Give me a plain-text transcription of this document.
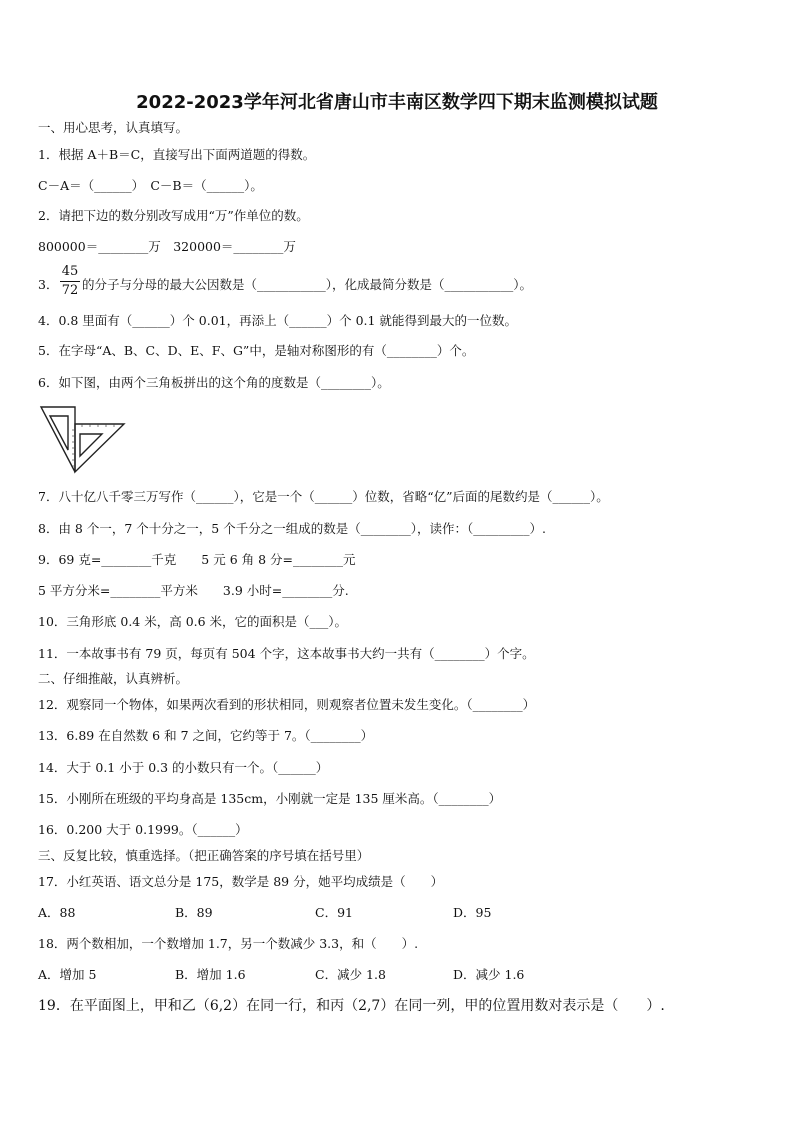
2022-2023学年河北省唐山市丰南区数学四下期末监测模拟试题
一、用心思考，认真填写。
1．根据 A＋B＝C，直接写出下面两道题的得数。
C－A＝（______）　C－B＝（______）。
2．请把下边的数分别改写成用“万”作单位的数。
800000＝________万　320000＝________万
3．
45
72 的分子与分母的最大公因数是（___________），化成最简分数是（___________）。
4．0.8 里面有（______）个 0.01，再添上（______）个 0.1 就能得到最大的一位数。
5．在字母“A、B、C、D、E、F、G”中，是轴对称图形的有（________）个。
6．如下图，由两个三角板拼出的这个角的度数是（________）。
7．八十亿八千零三万写作（______），它是一个（______）位数，省略“亿”后面的尾数约是（______）。
8．由 8 个一，7 个十分之一，5 个千分之一组成的数是（________），读作：（_________）.
9．69 克=________千克　　5 元 6 角 8 分=________元
5 平方分米=________平方米　　3.9 小时=________分.
10．三角形底 0.4 米，高 0.6 米，它的面积是（___）。
11．一本故事书有 79 页，每页有 504 个字，这本故事书大约一共有（________）个字。
二、仔细推敲，认真辨析。
12．观察同一个物体，如果两次看到的形状相同，则观察者位置未发生变化。（________）
13．6.89 在自然数 6 和 7 之间，它约等于 7。（________）
14．大于 0.1 小于 0.3 的小数只有一个。（______）
15．小刚所在班级的平均身高是 135cm，小刚就一定是 135 厘米高。（________）
16．0.200 大于 0.1999。（______）
三、反复比较，慎重选择。（把正确答案的序号填在括号里）
17．小红英语、语文总分是 175，数学是 89 分，她平均成绩是（　　）
A．88	B．89	C．91	D．95
18．两个数相加，一个数增加 1.7，另一个数减少 3.3，和（　　）.
A．增加 5	B．增加 1.6	C．减少 1.8	D．减少 1.6
19．在平面图上，甲和乙（6,2）在同一行，和丙（2,7）在同一列，甲的位置用数对表示是（　　）.
